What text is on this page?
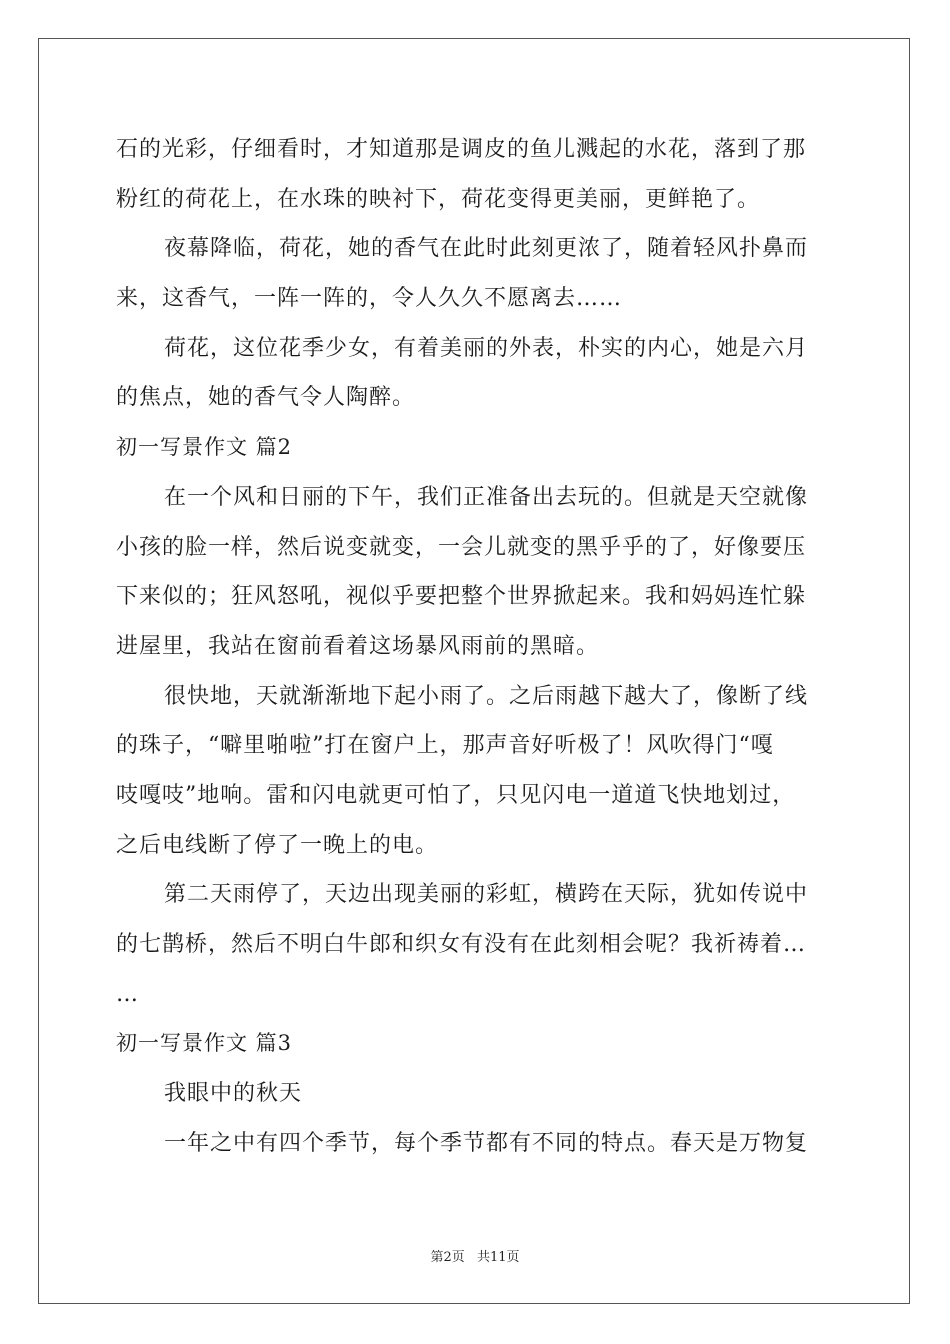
石的光彩，仔细看时，才知道那是调皮的鱼儿溅起的水花，落到了那
粉红的荷花上，在水珠的映衬下，荷花变得更美丽，更鲜艳了。
夜幕降临，荷花，她的香气在此时此刻更浓了，随着轻风扑鼻而
来，这香气，一阵一阵的，令人久久不愿离去……
荷花，这位花季少女，有着美丽的外表，朴实的内心，她是六月
的焦点，她的香气令人陶醉。
初一写景作文 篇2
在一个风和日丽的下午，我们正准备出去玩的。但就是天空就像
小孩的脸一样，然后说变就变，一会儿就变的黑乎乎的了，好像要压
下来似的；狂风怒吼，视似乎要把整个世界掀起来。我和妈妈连忙躲
进屋里，我站在窗前看着这场暴风雨前的黑暗。
很快地，天就渐渐地下起小雨了。之后雨越下越大了，像断了线
的珠子，“噼里啪啦”打在窗户上，那声音好听极了！风吹得门“嘎
吱嘎吱”地响。雷和闪电就更可怕了，只见闪电一道道飞快地划过，
之后电线断了停了一晚上的电。
第二天雨停了，天边出现美丽的彩虹，横跨在天际，犹如传说中
的七鹊桥，然后不明白牛郎和织女有没有在此刻相会呢？我祈祷着…
…
初一写景作文 篇3
我眼中的秋天
一年之中有四个季节，每个季节都有不同的特点。春天是万物复
第2页 共11页
